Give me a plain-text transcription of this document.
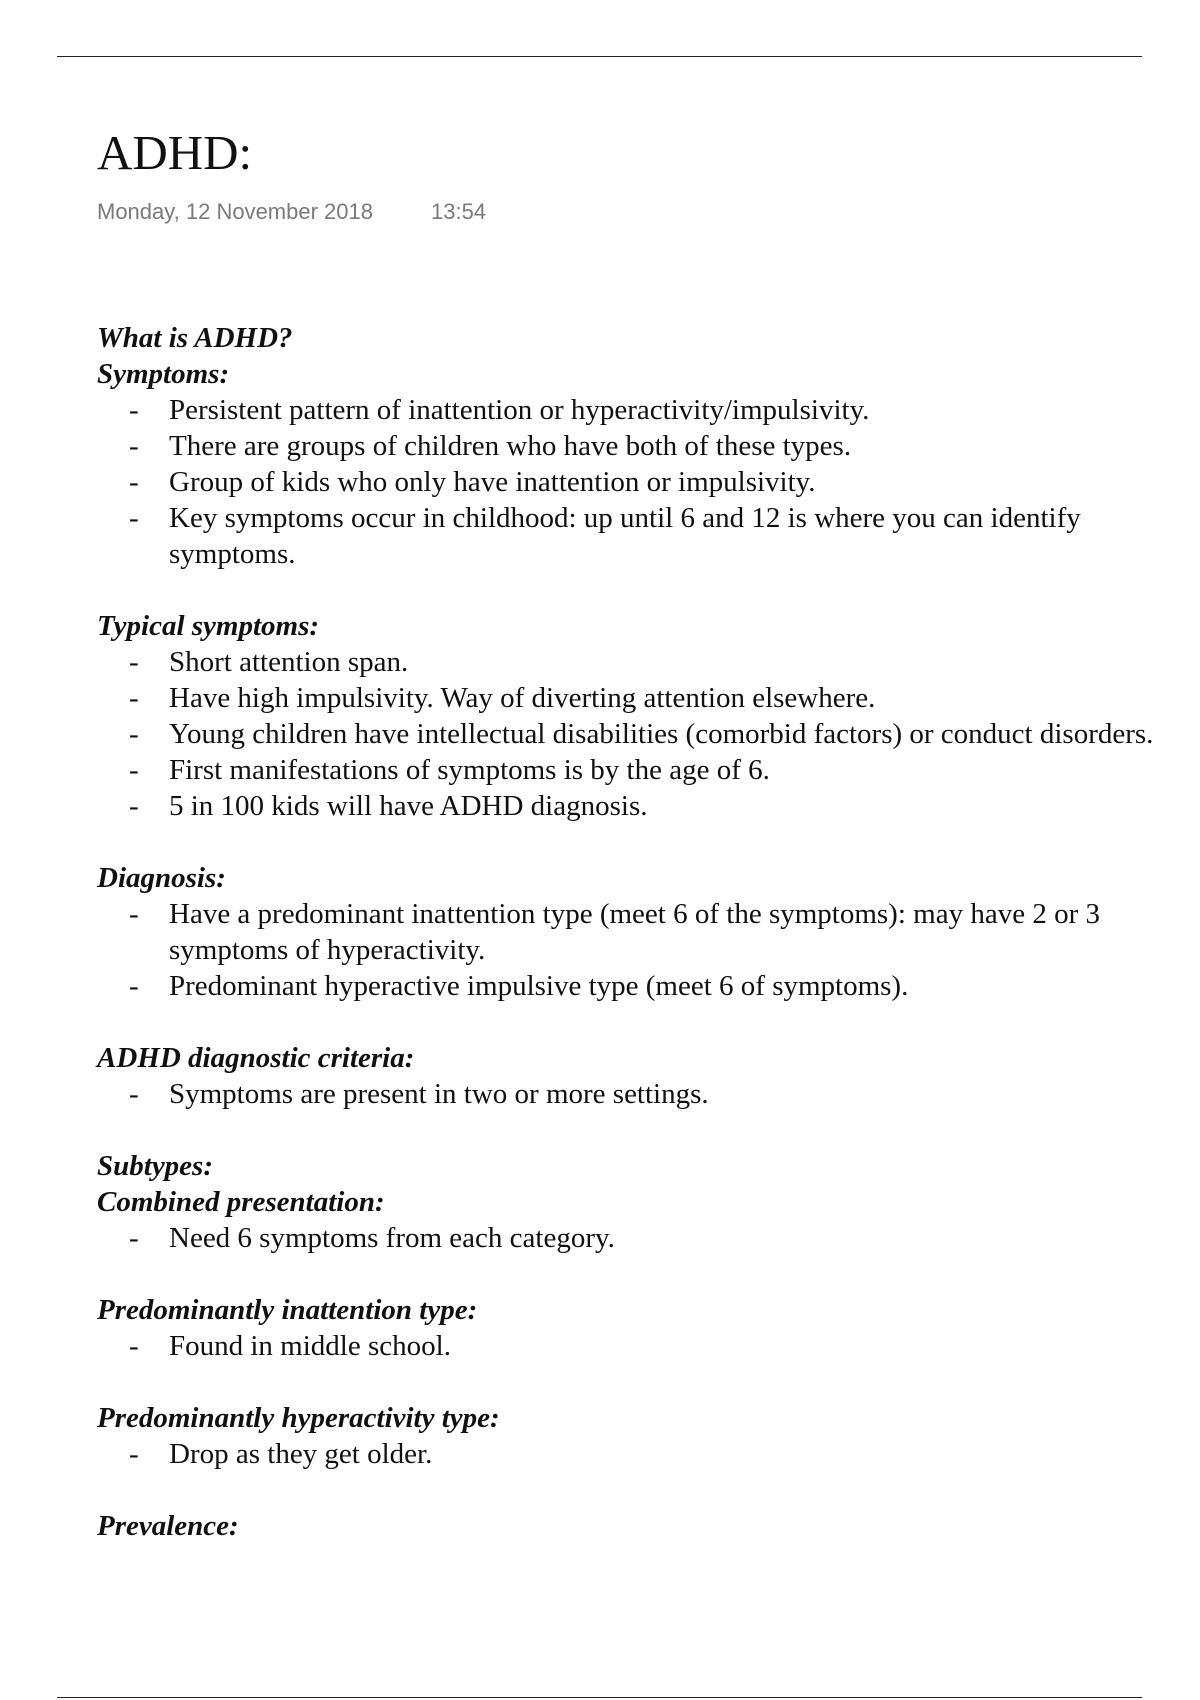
ADHD:
Monday, 12 November 2018	13:54

What is ADHD?

Symptoms:

- Persistent pattern of inattention or hyperactivity/impulsivity.
- There are groups of children who have both of these types.
- Group of kids who only have inattention or impulsivity.
- Key symptoms occur in childhood: up until 6 and 12 is where you can identify symptoms.

Typical symptoms:

- Short attention span.
- Have high impulsivity. Way of diverting attention elsewhere.
- Young children have intellectual disabilities (comorbid factors) or conduct disorders.
- First manifestations of symptoms is by the age of 6.
- 5 in 100 kids will have ADHD diagnosis.

Diagnosis:

- Have a predominant inattention type (meet 6 of the symptoms): may have 2 or 3 symptoms of hyperactivity.
- Predominant hyperactive impulsive type (meet 6 of symptoms).

ADHD diagnostic criteria:

- Symptoms are present in two or more settings.

Subtypes:

Combined presentation:

- Need 6 symptoms from each category.

Predominantly inattention type:

- Found in middle school.

Predominantly hyperactivity type:

- Drop as they get older.

Prevalence:
